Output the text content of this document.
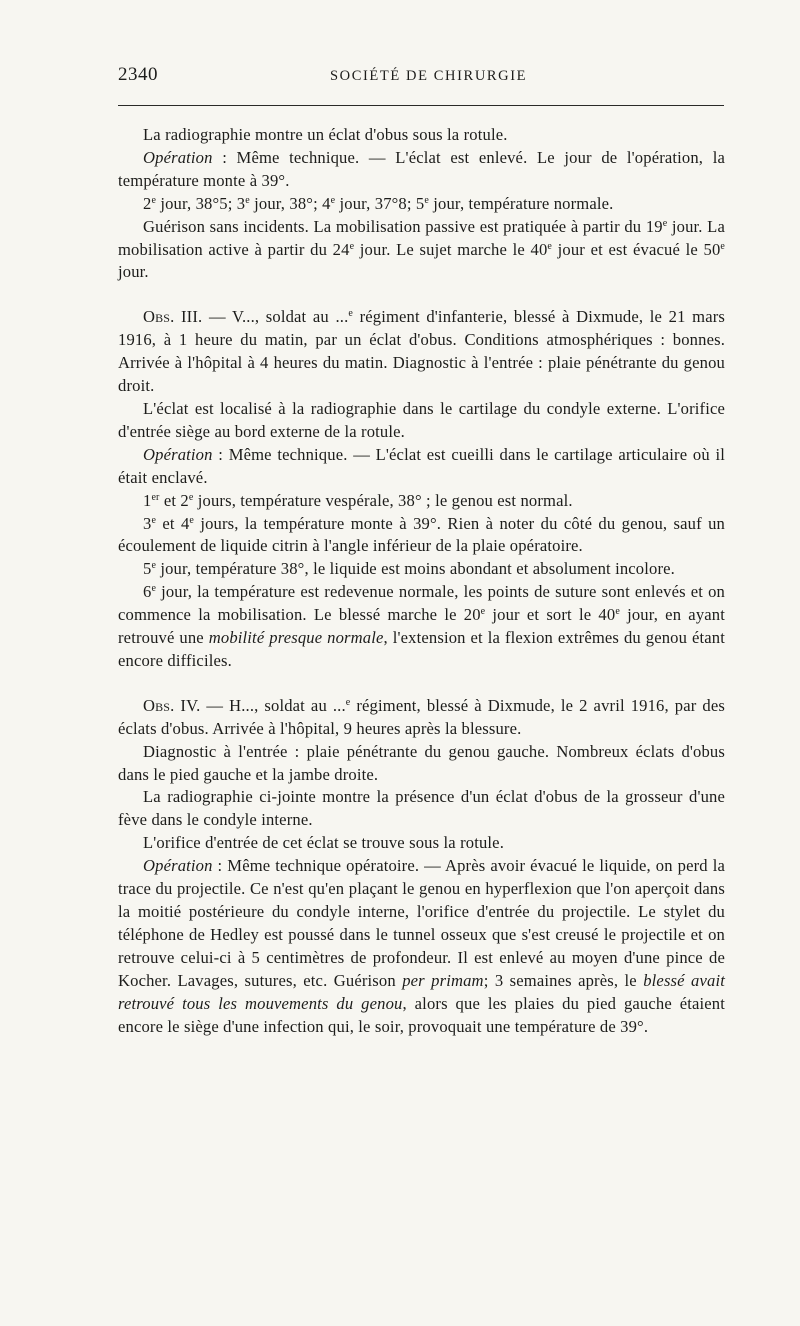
2340	SOCIÉTÉ DE CHIRURGIE

La radiographie montre un éclat d'obus sous la rotule.

Opération : Même technique. — L'éclat est enlevé. Le jour de l'opération, la température monte à 39°.

2e jour, 38°5; 3e jour, 38°; 4e jour, 37°8; 5e jour, température normale.

Guérison sans incidents. La mobilisation passive est pratiquée à partir du 19e jour. La mobilisation active à partir du 24e jour. Le sujet marche le 40e jour et est évacué le 50e jour.

Obs. III. — V..., soldat au ...$^e$ régiment d'infanterie, blessé à Dixmude, le 21 mars 1916, à 1 heure du matin, par un éclat d'obus. Conditions atmosphériques : bonnes. Arrivée à l'hôpital à 4 heures du matin. Diagnostic à l'entrée : plaie pénétrante du genou droit.

L'éclat est localisé à la radiographie dans le cartilage du condyle externe. L'orifice d'entrée siège au bord externe de la rotule.

Opération : Même technique. — L'éclat est cueilli dans le cartilage articulaire où il était enclavé.

1er et 2e jours, température vespérale, 38° ; le genou est normal.

3e et 4e jours, la température monte à 39°. Rien à noter du côté du genou, sauf un écoulement de liquide citrin à l'angle inférieur de la plaie opératoire.

5e jour, température 38°, le liquide est moins abondant et absolument incolore.

6e jour, la température est redevenue normale, les points de suture sont enlevés et on commence la mobilisation. Le blessé marche le 20e jour et sort le 40e jour, en ayant retrouvé une mobilité presque normale, l'extension et la flexion extrêmes du genou étant encore difficiles.

Obs. IV. — H..., soldat au ...$^e$ régiment, blessé à Dixmude, le 2 avril 1916, par des éclats d'obus. Arrivée à l'hôpital, 9 heures après la blessure.

Diagnostic à l'entrée : plaie pénétrante du genou gauche. Nombreux éclats d'obus dans le pied gauche et la jambe droite.

La radiographie ci-jointe montre la présence d'un éclat d'obus de la grosseur d'une fève dans le condyle interne.

L'orifice d'entrée de cet éclat se trouve sous la rotule.

Opération : Même technique opératoire. — Après avoir évacué le liquide, on perd la trace du projectile. Ce n'est qu'en plaçant le genou en hyperflexion que l'on aperçoit dans la moitié postérieure du condyle interne, l'orifice d'entrée du projectile. Le stylet du téléphone de Hedley est poussé dans le tunnel osseux que s'est creusé le projectile et on retrouve celui-ci à 5 centimètres de profondeur. Il est enlevé au moyen d'une pince de Kocher. Lavages, sutures, etc. Guérison per primam; 3 semaines après, le blessé avait retrouvé tous les mouvements du genou, alors que les plaies du pied gauche étaient encore le siège d'une infection qui, le soir, provoquait une température de 39°.
